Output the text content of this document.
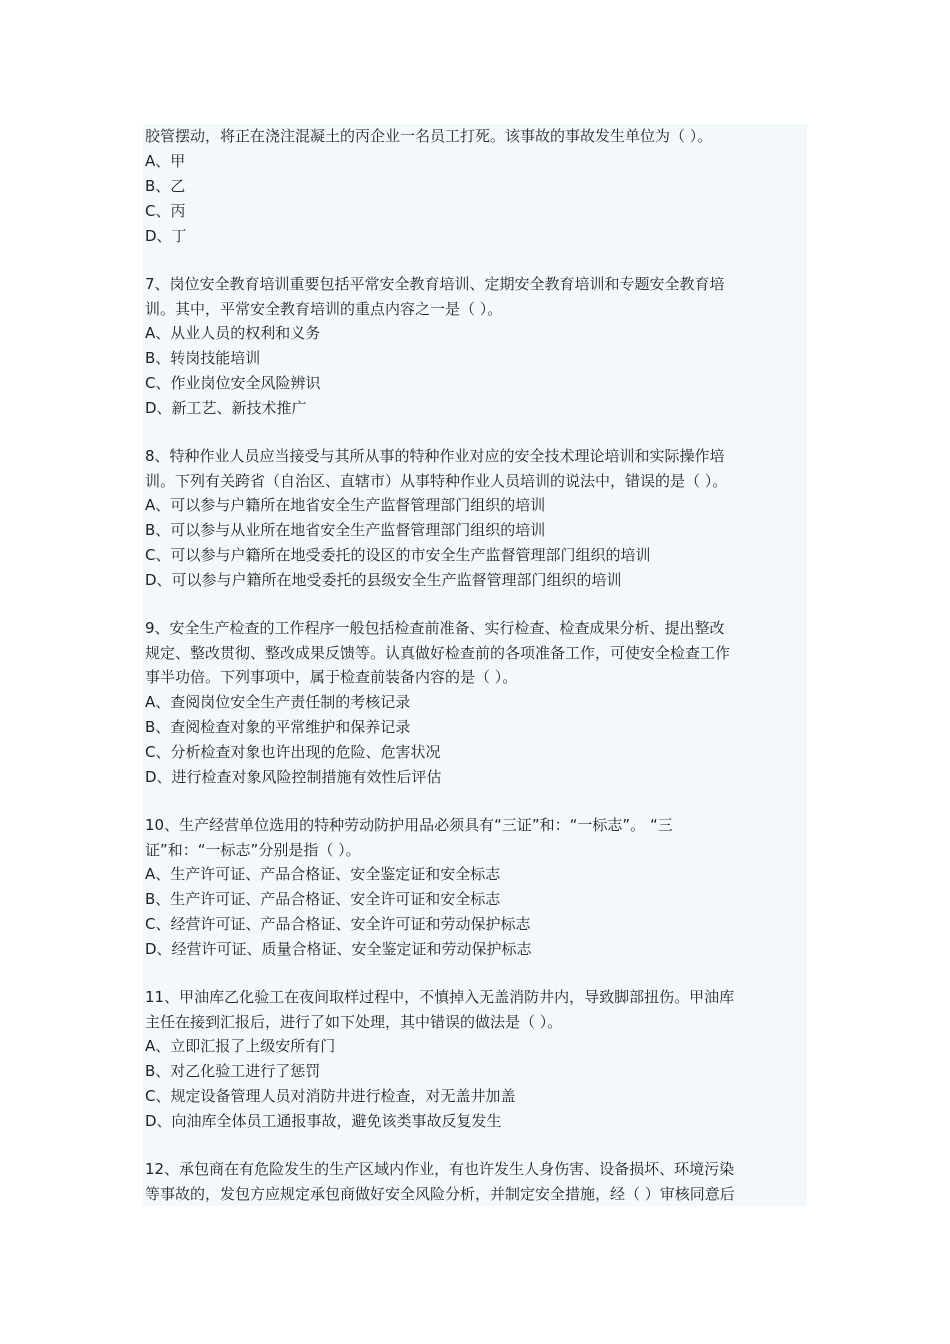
胶管摆动，将正在浇注混凝土的丙企业一名员工打死。该事故的事故发生单位为（ ）。
A、甲
B、乙
C、丙
D、丁
7、岗位安全教育培训重要包括平常安全教育培训、定期安全教育培训和专题安全教育培
训。其中，平常安全教育培训的重点内容之一是（ ）。
A、从业人员的权利和义务
B、转岗技能培训
C、作业岗位安全风险辨识
D、新工艺、新技术推广
8、特种作业人员应当接受与其所从事的特种作业对应的安全技术理论培训和实际操作培
训。下列有关跨省（自治区、直辖市）从事特种作业人员培训的说法中，错误的是（ ）。
A、可以参与户籍所在地省安全生产监督管理部门组织的培训
B、可以参与从业所在地省安全生产监督管理部门组织的培训
C、可以参与户籍所在地受委托的设区的市安全生产监督管理部门组织的培训
D、可以参与户籍所在地受委托的县级安全生产监督管理部门组织的培训
9、安全生产检查的工作程序一般包括检查前准备、实行检查、检查成果分析、提出整改
规定、整改贯彻、整改成果反馈等。认真做好检查前的各项准备工作，可使安全检查工作
事半功倍。下列事项中，属于检查前装备内容的是（ ）。
A、查阅岗位安全生产责任制的考核记录
B、查阅检查对象的平常维护和保养记录
C、分析检查对象也许出现的危险、危害状况
D、进行检查对象风险控制措施有效性后评估
10、生产经营单位选用的特种劳动防护用品必须具有“三证”和：“一标志”。 “三
证”和：“一标志”分别是指（ ）。
A、生产许可证、产品合格证、安全鉴定证和安全标志
B、生产许可证、产品合格证、安全许可证和安全标志
C、经营许可证、产品合格证、安全许可证和劳动保护标志
D、经营许可证、质量合格证、安全鉴定证和劳动保护标志
11、甲油库乙化验工在夜间取样过程中，不慎掉入无盖消防井内，导致脚部扭伤。甲油库
主任在接到汇报后，进行了如下处理，其中错误的做法是（ ）。
A、立即汇报了上级安所有门
B、对乙化验工进行了惩罚
C、规定设备管理人员对消防井进行检查，对无盖井加盖
D、向油库全体员工通报事故，避免该类事故反复发生
12、承包商在有危险发生的生产区域内作业，有也许发生人身伤害、设备损坏、环境污染
等事故的，发包方应规定承包商做好安全风险分析，并制定安全措施，经（ ）审核同意后
